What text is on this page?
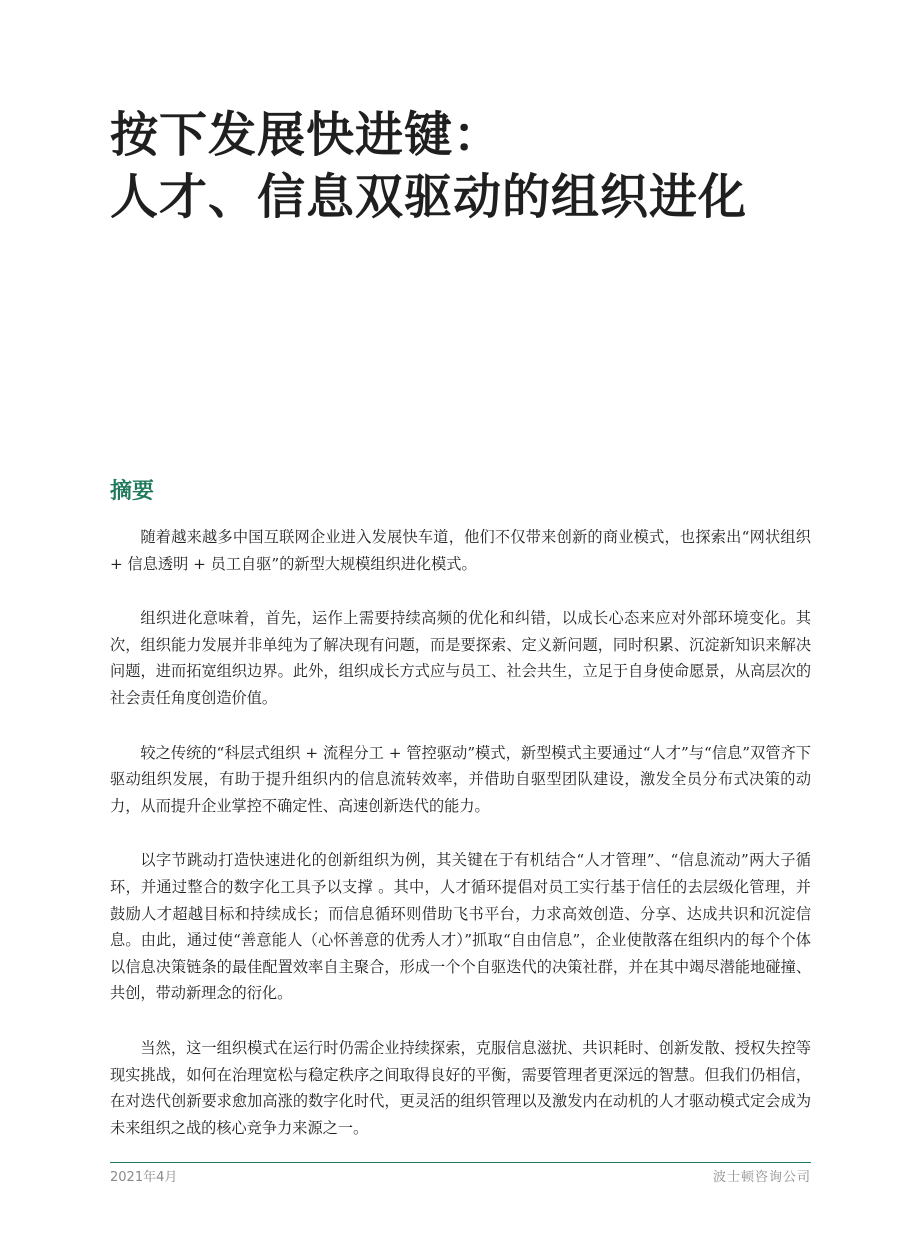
按下发展快进键：
人才、信息双驱动的组织进化
摘要

随着越来越多中国互联网企业进入发展快车道，他们不仅带来创新的商业模式，也探索出“网状组织 + 信息透明 + 员工自驱”的新型大规模组织进化模式。

组织进化意味着，首先，运作上需要持续高频的优化和纠错，以成长心态来应对外部环境变化。其次，组织能力发展并非单纯为了解决现有问题，而是要探索、定义新问题，同时积累、沉淀新知识来解决问题，进而拓宽组织边界。此外，组织成长方式应与员工、社会共生，立足于自身使命愿景，从高层次的社会责任角度创造价值。

较之传统的“科层式组织 + 流程分工 + 管控驱动”模式，新型模式主要通过“人才”与“信息”双管齐下驱动组织发展，有助于提升组织内的信息流转效率，并借助自驱型团队建设，激发全员分布式决策的动力，从而提升企业掌控不确定性、高速创新迭代的能力。

以字节跳动打造快速进化的创新组织为例，其关键在于有机结合“人才管理”、“信息流动”两大子循环，并通过整合的数字化工具予以支撑 。其中，人才循环提倡对员工实行基于信任的去层级化管理，并鼓励人才超越目标和持续成长；而信息循环则借助飞书平台，力求高效创造、分享、达成共识和沉淀信息。由此，通过使“善意能人（心怀善意的优秀人才）”抓取“自由信息”，企业使散落在组织内的每个个体以信息决策链条的最佳配置效率自主聚合，形成一个个自驱迭代的决策社群，并在其中竭尽潜能地碰撞、共创，带动新理念的衍化。

当然，这一组织模式在运行时仍需企业持续探索，克服信息滋扰、共识耗时、创新发散、授权失控等现实挑战，如何在治理宽松与稳定秩序之间取得良好的平衡，需要管理者更深远的智慧。但我们仍相信，在对迭代创新要求愈加高涨的数字化时代，更灵活的组织管理以及激发内在动机的人才驱动模式定会成为未来组织之战的核心竞争力来源之一。

2021年4月	波士顿咨询公司
